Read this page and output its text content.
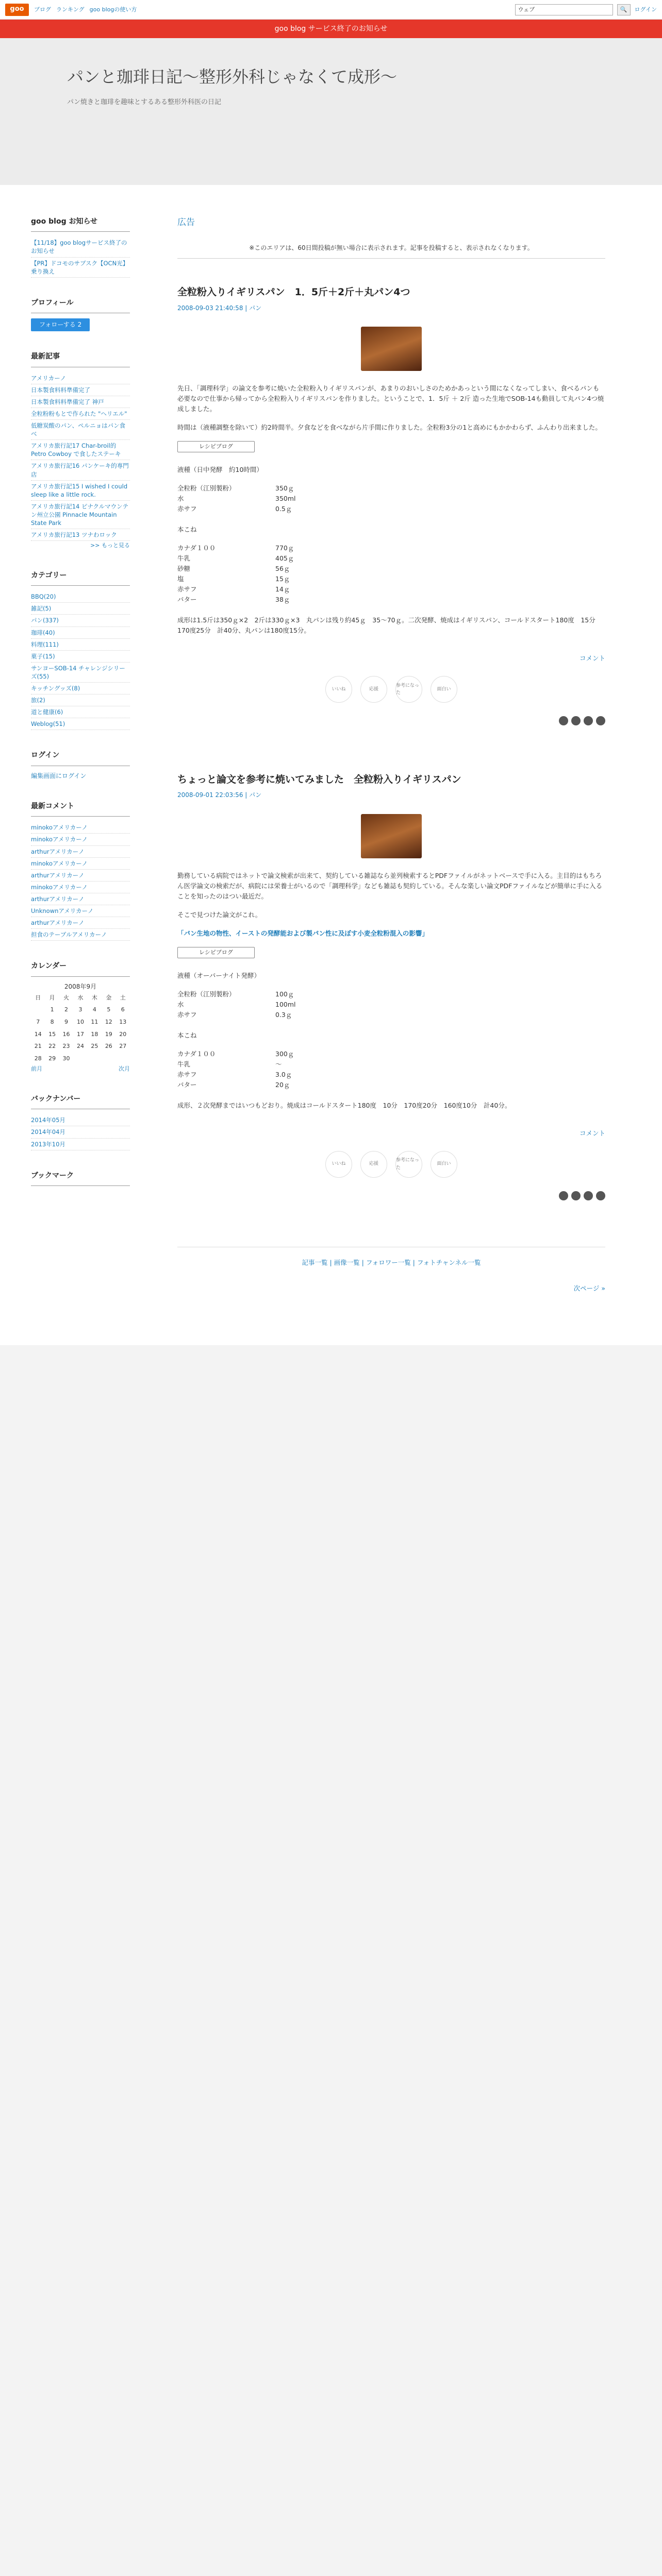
goo	ブログ ランキング goo blogの使い方	ウェブ	🔍	ログイン
goo blog サービス終了のお知らせ
パンと珈琲日記〜整形外科じゃなくて成形〜

パン焼きと珈琲を趣味とするある整形外科医の日記

goo blog お知らせ
【11/18】goo blogサービス終了のお知らせ
【PR】ドコモのサブスク【OCN光】乗り換え
プロフィール
フォローする 2
最新記事
アメリカーノ
日本製食料料準備完了
日本製食料料準備完了 神戸
全粒粉粉もとで作られた "ヘリエル"
低糖炭酸のパン、ペルニョはパン食べ
アメリカ旅行記17 Char-broil的Petro Cowboy で食したステーキ
アメリカ旅行記16 パンケーキ的専門店
アメリカ旅行記15 I wished I could sleep like a little rock.
アメリカ旅行記14 ピナクルマウンテン州立公園 Pinnacle Mountain State Park
アメリカ旅行記13 ツナわロック
>> もっと見る
カテゴリー
BBQ(20)
雑記(5)
パン(337)
珈琲(40)
料理(111)
菓子(15)
サンヨーSOB-14 チャレンジシリーズ(55)
キッチングッズ(8)
旅(2)
道と健康(6)
Weblog(51)
ログイン
編集画面にログイン
最新コメント
minokoアメリカーノ
minokoアメリカーノ
arthurアメリカーノ
minokoアメリカーノ
arthurアメリカーノ
minokoアメリカーノ
arthurアメリカーノ
Unknownアメリカーノ
arthurアメリカーノ
担食のテーブルアメリカーノ
カレンダー
2008年9月
日	月	火	水	木	金	土
	1	2	3	4	5	6
7	8	9	10	11	12	13
14	15	16	17	18	19	20
21	22	23	24	25	26	27
28	29	30				
前月	次月
バックナンバー
2014年05月
2014年04月
2013年10月
ブックマーク
広告

※このエリアは、60日間投稿が無い場合に表示されます。記事を投稿すると、表示されなくなります。

全粒粉入りイギリスパン　1．5斤＋2斤＋丸パン4つ
2008-09-03 21:40:58 | パン

先日、「調理科学」の論文を参考に焼いた全粒粉入りイギリスパンが、あまりのおいしさのためかあっという間になくなってしまい、食べるパンも必要なので仕事から帰ってから全粒粉入りイギリスパンを作りました。ということで、1．5斤 ＋ 2斤 造った生地でSOB-14も動員して丸パン4つ焼成しました。

時間は（液種調整を除いて）約2時間半。夕食などを食べながら片手間に作りました。全粒粉3分の1と高めにもかかわらず、ふんわり出来ました。

レシピブログ

液種（日中発酵　約10時間）

全粒粉（江別製粉）	350ｇ
水	350ml
赤サフ	0.5ｇ

本こね

カナダ１００	770ｇ
牛乳	405ｇ
砂糖	56ｇ
塩	15ｇ
赤サフ	14ｇ
バター	38ｇ

成形は1.5斤は350ｇ×2　2斤は330ｇ×3　丸パンは残り約45ｇ　35〜70ｇ。二次発酵、焼成はイギリスパン、コールドスタート180度　15分　170度25分　計40分、丸パンは180度15分。

コメント
いいね	応援
参考になった
面白い
ちょっと論文を参考に焼いてみました　全粒粉入りイギリスパン
2008-09-01 22:03:56 | パン

勤務している病院ではネットで論文検索が出来て、契約している雑誌なら並列検索するとPDFファイルがネットベースで手に入る。主目的はもちろん医学論文の検索だが、病院には栄養士がいるので「調理科学」なども雑誌も契約している。そんな楽しい論文PDFファイルなどが簡単に手に入ることを知ったのはつい最近だ。

そこで見つけた論文がこれ。

「パン生地の物性、イーストの発酵能および製パン性に及ぼす小麦全粒粉混入の影響」

レシピブログ

液種（オーバーナイト発酵）

全粒粉（江別製粉）	100ｇ
水	100ml
赤サフ	0.3ｇ

本こね

カナダ１００	300ｇ
牛乳	〜
赤サフ	3.0ｇ
バター	20ｇ

成形、２次発酵まではいつもどおり。焼成はコールドスタート180度　10分　170度20分　160度10分　計40分。

コメント
いいね	応援
参考になった
面白い
記事一覧 | 画像一覧 | フォロワー一覧 | フォトチャンネル一覧
次ページ »
